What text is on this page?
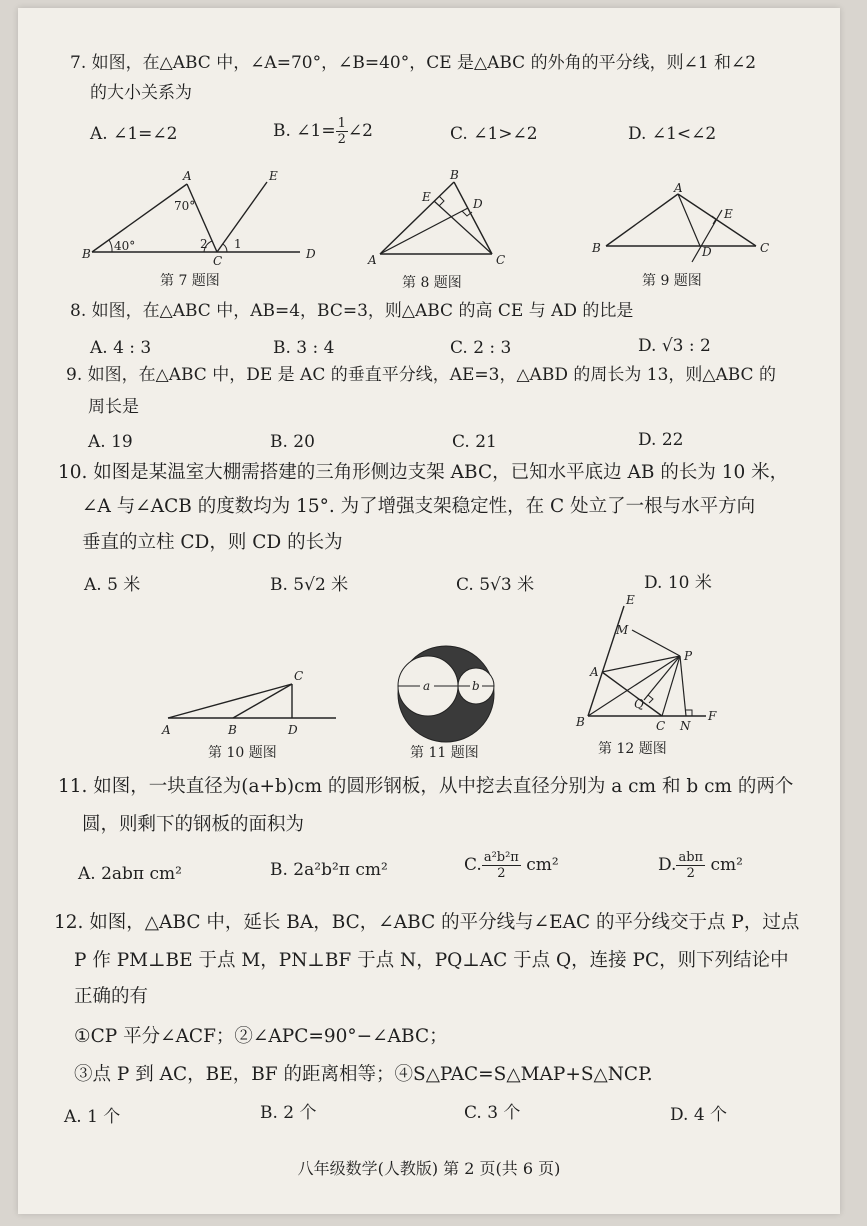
7. 如图，在△ABC 中，∠A=70°，∠B=40°，CE 是△ABC 的外角的平分线，则∠1 和∠2
的大小关系为
A. ∠1=∠2	B. ∠1= $\frac{1}{2}$ ∠2	C. ∠1>∠2	D. ∠1<∠2
A
B	C	D
E
70°
40°	2 1
第 7 题图
B
A	C
E	D
第 8 题图
A
B	C
D
E
第 9 题图
8. 如图，在△ABC 中，AB=4，BC=3，则△ABC 的高 CE 与 AD 的比是
A. 4 : 3	B. 3 : 4	C. 2 : 3	D. √3 : 2
9. 如图，在△ABC 中，DE 是 AC 的垂直平分线，AE=3，△ABD 的周长为 13，则△ABC 的
周长是
A. 19	B. 20	C. 21	D. 22
10. 如图是某温室大棚需搭建的三角形侧边支架 ABC，已知水平底边 AB 的长为 10 米，
∠A 与∠ACB 的度数均为 15°. 为了增强支架稳定性，在 C 处立了一根与水平方向
垂直的立柱 CD，则 CD 的长为
A. 5 米	B. 5√2 米	C. 5√3 米	D. 10 米
A	B
C
D
第 10 题图
a	b
第 11 题图
E
M
P
A
Q
B	C N
F
第 12 题图
11. 如图，一块直径为(a+b)cm 的圆形钢板，从中挖去直径分别为 a cm 和 b cm 的两个
圆，则剩下的钢板的面积为
A. 2abπ cm²	B. 2a²b²π cm²	C. $\frac{\text{a²b²π}}{2} cm^2$	D. $\frac{\text{abπ}}{2} cm^2$
12. 如图，△ABC 中，延长 BA，BC，∠ABC 的平分线与∠EAC 的平分线交于点 P，过点
P 作 PM⊥BE 于点 M，PN⊥BF 于点 N，PQ⊥AC 于点 Q，连接 PC，则下列结论中
正确的有
①CP 平分∠ACF；②∠APC=90°−∠ABC；
③点 P 到 AC，BE，BF 的距离相等；④S△PAC=S△MAP+S△NCP.
A. 1 个	B. 2 个	C. 3 个	D. 4 个
八年级数学(人教版) 第 2 页(共 6 页)
